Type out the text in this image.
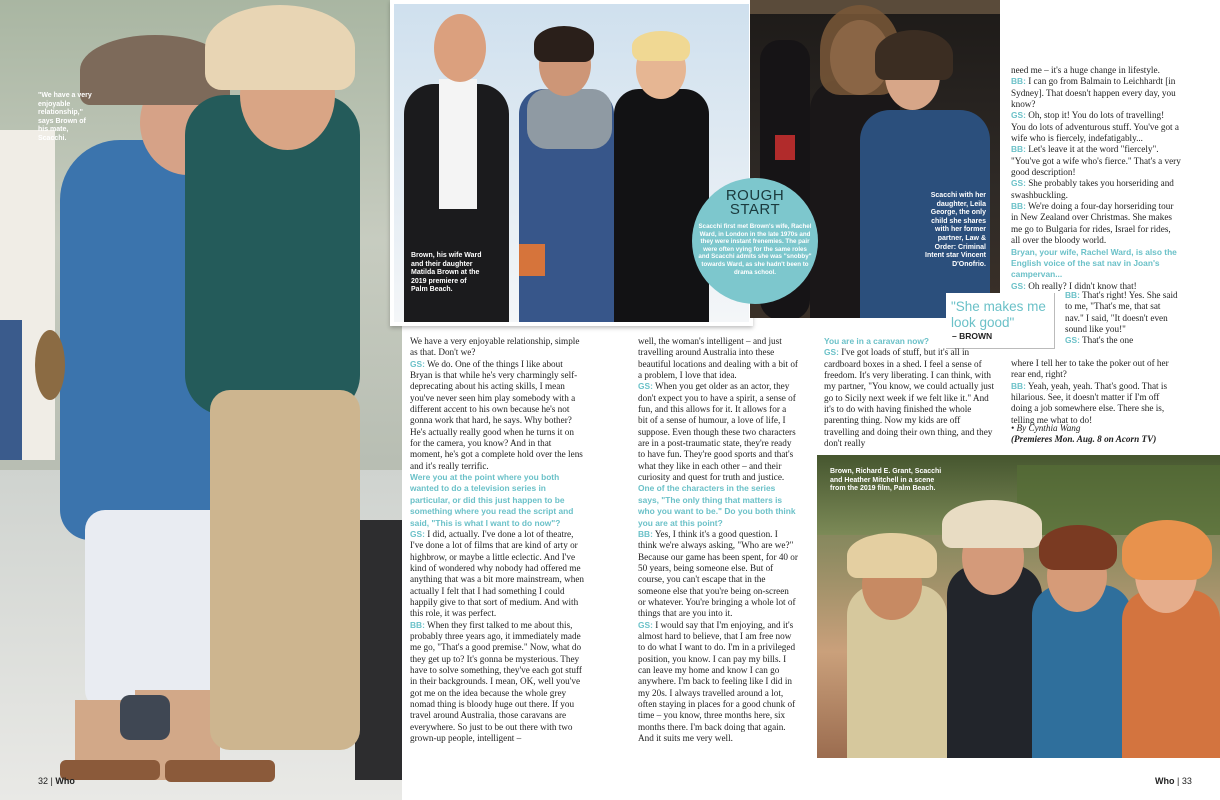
"We have a very enjoyable relationship," says Brown of his mate, Scacchi.
Brown, his wife Ward and their daughter Matilda Brown at the 2019 premiere of Palm Beach.
Scacchi with her daughter, Leila George, the only child she shares with her former partner, Law & Order: Criminal Intent star Vincent D'Onofrio.
ROUGH
START
Scacchi first met Brown's wife, Rachel Ward, in London in the late 1970s and they were instant frenemies. The pair were often vying for the same roles and Scacchi admits she was "snobby" towards Ward, as she hadn't been to drama school.
"She makes me look good"
– BROWN
Brown, Richard E. Grant, Scacchi and Heather Mitchell in a scene from the 2019 film, Palm Beach.

We have a very enjoyable relationship, simple as that. Don't we?

GS: We do. One of the things I like about Bryan is that while he's very charmingly self-deprecating about his acting skills, I mean you've never seen him play somebody with a different accent to his own because he's not gonna work that hard, he says. Why bother? He's actually really good when he turns it on for the camera, you know? And in that moment, he's got a complete hold over the lens and it's really terrific.

Were you at the point where you both wanted to do a television series in particular, or did this just happen to be something where you read the script and said, "This is what I want to do now"?

GS: I did, actually. I've done a lot of theatre, I've done a lot of films that are kind of arty or highbrow, or maybe a little eclectic. And I've kind of wondered why nobody had offered me anything that was a bit more mainstream, when actually I felt that I had something I could happily give to that sort of medium. And with this role, it was perfect.

BB: When they first talked to me about this, probably three years ago, it immediately made me go, "That's a good premise." Now, what do they get up to? It's gonna be mysterious. They have to solve something, they've each got stuff in their backgrounds. I mean, OK, well you've got me on the idea because the whole grey nomad thing is bloody huge out there. If you travel around Australia, those caravans are everywhere. So just to be out there with two grown-up people, intelligent –

well, the woman's intelligent – and just travelling around Australia into these beautiful locations and dealing with a bit of a problem, I love that idea.

GS: When you get older as an actor, they don't expect you to have a spirit, a sense of fun, and this allows for it. It allows for a bit of a sense of humour, a love of life, I suppose. Even though these two characters are in a post-traumatic state, they're ready to have fun. They're good sports and that's what they like in each other – and their curiosity and quest for truth and justice.

One of the characters in the series says, "The only thing that matters is who you want to be." Do you both think you are at this point?

BB: Yes, I think it's a good question. I think we're always asking, "Who are we?" Because our game has been spent, for 40 or 50 years, being someone else. But of course, you can't escape that in the someone else that you're being on-screen or whatever. You're bringing a whole lot of things that are you into it.

GS: I would say that I'm enjoying, and it's almost hard to believe, that I am free now to do what I want to do. I'm in a privileged position, you know. I can pay my bills. I can leave my home and know I can go anywhere. I'm back to feeling like I did in my 20s. I always travelled around a lot, often staying in places for a good chunk of time – you know, three months here, six months there. I'm back doing that again. And it suits me very well.

You are in a caravan now?

GS: I've got loads of stuff, but it's all in cardboard boxes in a shed. I feel a sense of freedom. It's very liberating. I can think, with my partner, "You know, we could actually just go to Sicily next week if we felt like it." And it's to do with having finished the whole parenting thing. Now my kids are off travelling and doing their own thing, and they don't really

need me – it's a huge change in lifestyle.

BB: I can go from Balmain to Leichhardt [in Sydney]. That doesn't happen every day, you know?

GS: Oh, stop it! You do lots of travelling! You do lots of adventurous stuff. You've got a wife who is fiercely, indefatigably...

BB: Let's leave it at the word "fiercely". "You've got a wife who's fierce." That's a very good description!

GS: She probably takes you horseriding and swashbuckling.

BB: We're doing a four-day horseriding tour in New Zealand over Christmas. She makes me go to Bulgaria for rides, Israel for rides, all over the bloody world.

Bryan, your wife, Rachel Ward, is also the English voice of the sat nav in Joan's campervan...

GS: Oh really? I didn't know that!

BB: That's right! Yes. She said to me, "That's me, that sat nav." I said, "It doesn't even sound like you!"

GS: That's the one

where I tell her to take the poker out of her rear end, right?

BB: Yeah, yeah, yeah. That's good. That is hilarious. See, it doesn't matter if I'm off doing a job somewhere else. There she is, telling me what to do!

• By Cynthia Wang
(Premieres Mon. Aug. 8 on Acorn TV)
32 | Who	Who | 33
